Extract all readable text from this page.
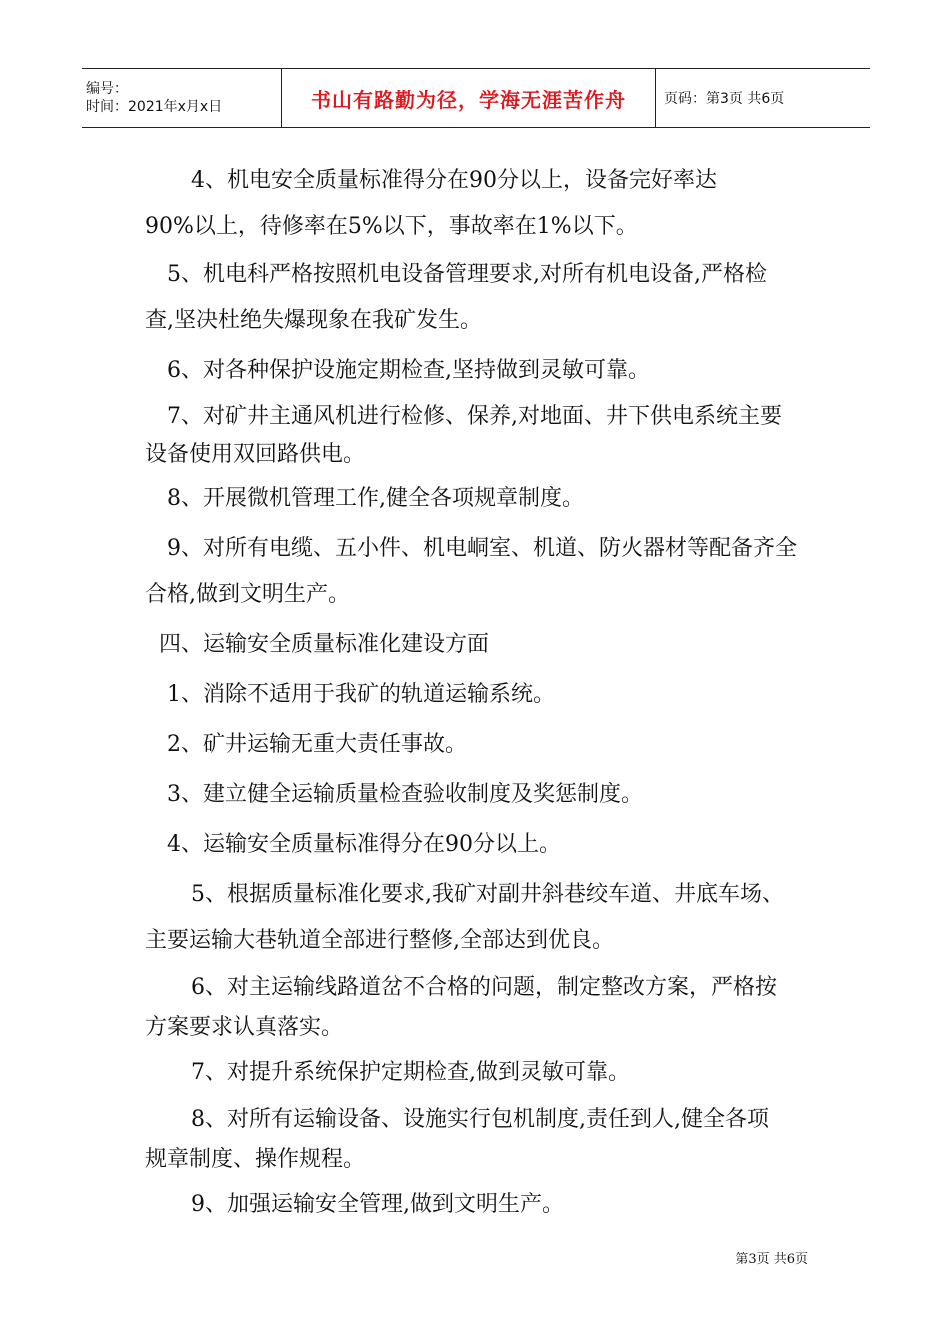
编号：
时间：2021年x月x日	书山有路勤为径，学海无涯苦作舟	页码：第3页 共6页
4、机电安全质量标准得分在90分以上，设备完好率达
90%以上，待修率在5%以下，事故率在1%以下。
5、机电科严格按照机电设备管理要求,对所有机电设备,严格检
查,坚决杜绝失爆现象在我矿发生。
6、对各种保护设施定期检查,坚持做到灵敏可靠。
7、对矿井主通风机进行检修、保养,对地面、井下供电系统主要
设备使用双回路供电。
8、开展微机管理工作,健全各项规章制度。
9、对所有电缆、五小件、机电峒室、机道、防火器材等配备齐全
合格,做到文明生产。
四、运输安全质量标准化建设方面
1、消除不适用于我矿的轨道运输系统。
2、矿井运输无重大责任事故。
3、建立健全运输质量检查验收制度及奖惩制度。
4、运输安全质量标准得分在90分以上。
5、根据质量标准化要求,我矿对副井斜巷绞车道、井底车场、
主要运输大巷轨道全部进行整修,全部达到优良。
6、对主运输线路道岔不合格的问题，制定整改方案，严格按
方案要求认真落实。
7、对提升系统保护定期检查,做到灵敏可靠。
8、对所有运输设备、设施实行包机制度,责任到人,健全各项
规章制度、操作规程。
9、加强运输安全管理,做到文明生产。
第3页 共6页
